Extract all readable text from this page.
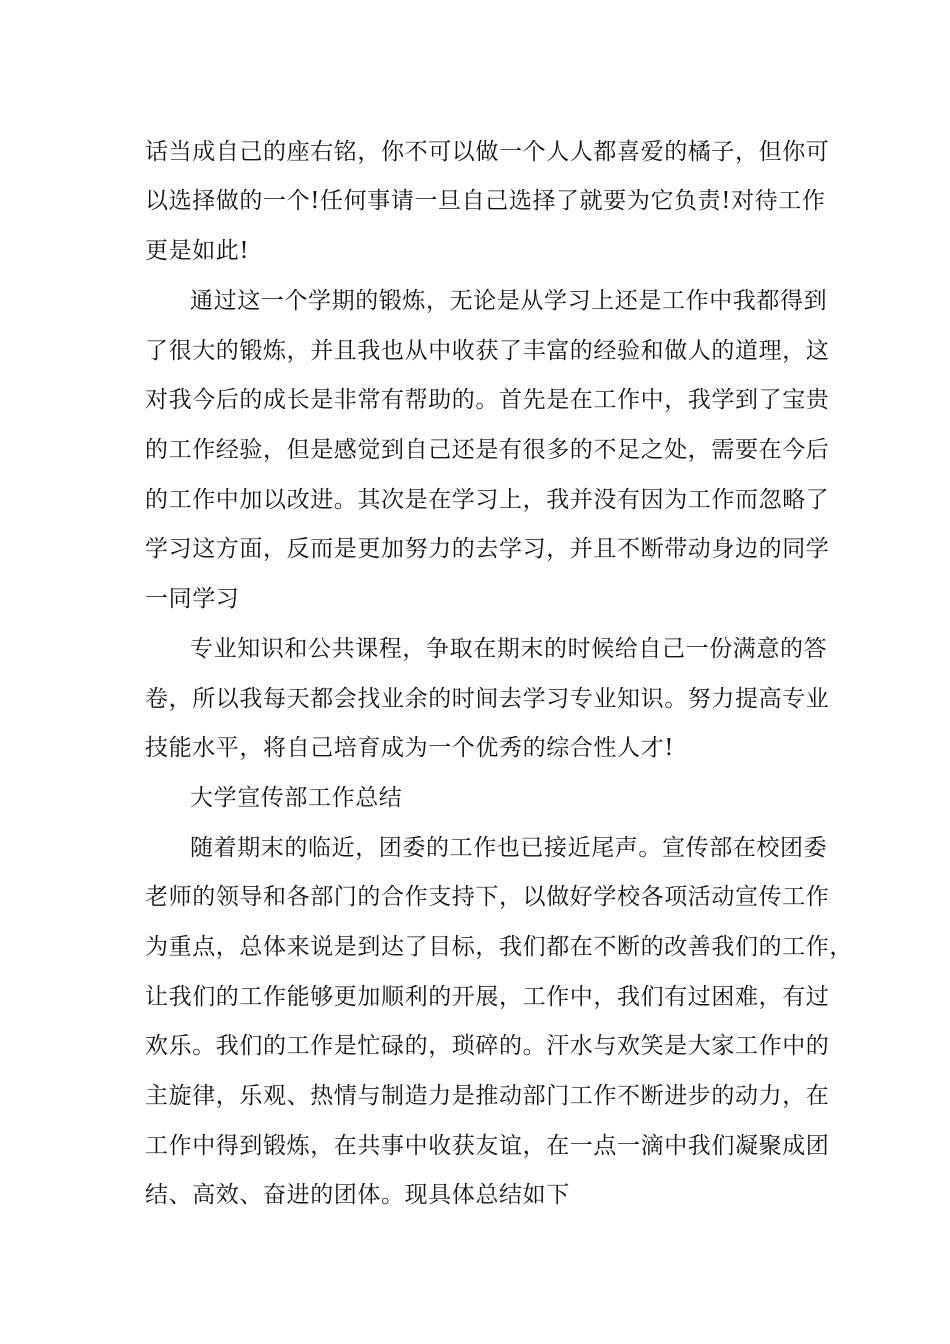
话当成自己的座右铭，你不可以做一个人人都喜爱的橘子，但你可
以选择做的一个!任何事请一旦自己选择了就要为它负责!对待工作
更是如此!
通过这一个学期的锻炼，无论是从学习上还是工作中我都得到
了很大的锻炼，并且我也从中收获了丰富的经验和做人的道理，这
对我今后的成长是非常有帮助的。首先是在工作中，我学到了宝贵
的工作经验，但是感觉到自己还是有很多的不足之处，需要在今后
的工作中加以改进。其次是在学习上，我并没有因为工作而忽略了
学习这方面，反而是更加努力的去学习，并且不断带动身边的同学
一同学习
专业知识和公共课程，争取在期末的时候给自己一份满意的答
卷，所以我每天都会找业余的时间去学习专业知识。努力提高专业
技能水平，将自己培育成为一个优秀的综合性人才!
大学宣传部工作总结
随着期末的临近，团委的工作也已接近尾声。宣传部在校团委
老师的领导和各部门的合作支持下，以做好学校各项活动宣传工作
为重点，总体来说是到达了目标，我们都在不断的改善我们的工作，
让我们的工作能够更加顺利的开展，工作中，我们有过困难，有过
欢乐。我们的工作是忙碌的，琐碎的。汗水与欢笑是大家工作中的
主旋律，乐观、热情与制造力是推动部门工作不断进步的动力，在
工作中得到锻炼，在共事中收获友谊，在一点一滴中我们凝聚成团
结、高效、奋进的团体。现具体总结如下
